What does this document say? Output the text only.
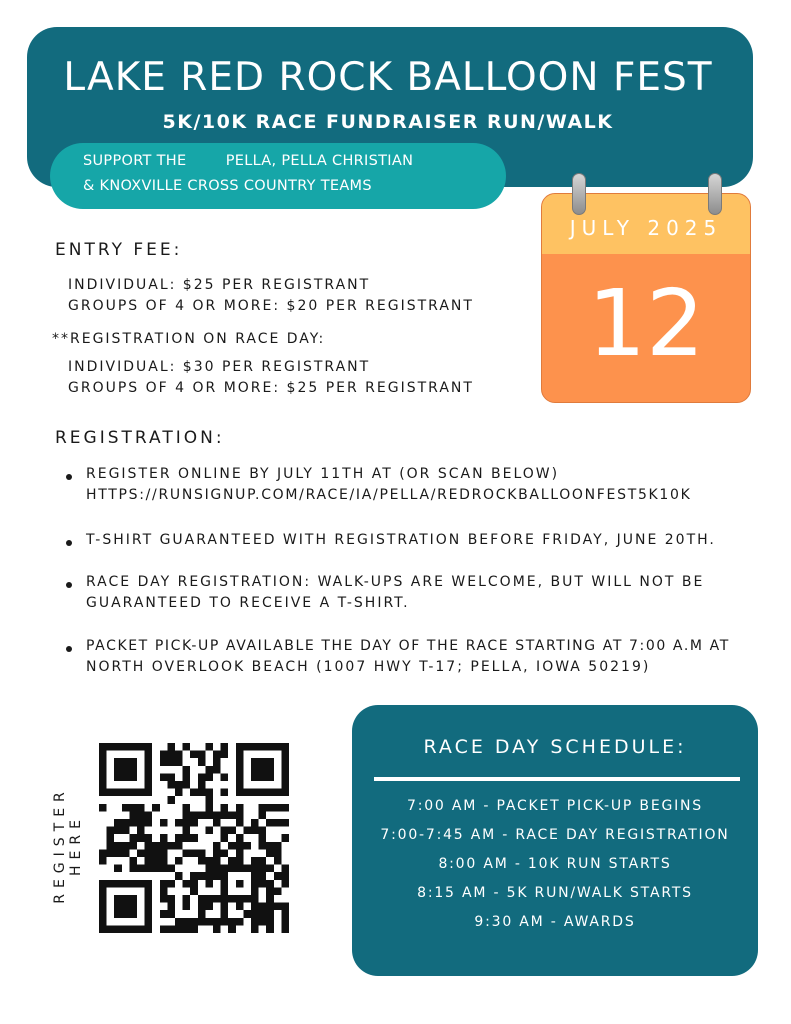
LAKE RED ROCK BALLOON FEST
5K/10K RACE FUNDRAISER RUN/WALK
SUPPORT THE        PELLA, PELLA CHRISTIAN
& KNOXVILLE CROSS COUNTRY TEAMS
JULY 2025
12
ENTRY FEE:
INDIVIDUAL: $25 PER REGISTRANT
GROUPS OF 4 OR MORE: $20 PER REGISTRANT
**REGISTRATION ON RACE DAY:
INDIVIDUAL: $30 PER REGISTRANT
GROUPS OF 4 OR MORE: $25 PER REGISTRANT
REGISTRATION:
REGISTER ONLINE BY JULY 11TH AT (OR SCAN BELOW)
HTTPS://RUNSIGNUP.COM/RACE/IA/PELLA/REDROCKBALLOONFEST5K10K
T-SHIRT GUARANTEED WITH REGISTRATION BEFORE FRIDAY, JUNE 20TH.
RACE DAY REGISTRATION: WALK-UPS ARE WELCOME, BUT WILL NOT BE
GUARANTEED TO RECEIVE A T-SHIRT.
PACKET PICK-UP AVAILABLE THE DAY OF THE RACE STARTING AT 7:00 A.M AT
NORTH OVERLOOK BEACH (1007 HWY T-17; PELLA, IOWA 50219)
REGISTER HERE
RACE DAY SCHEDULE:
7:00 AM - PACKET PICK-UP BEGINS
7:00-7:45 AM - RACE DAY REGISTRATION
8:00 AM - 10K RUN STARTS
8:15 AM - 5K RUN/WALK STARTS
9:30 AM - AWARDS
